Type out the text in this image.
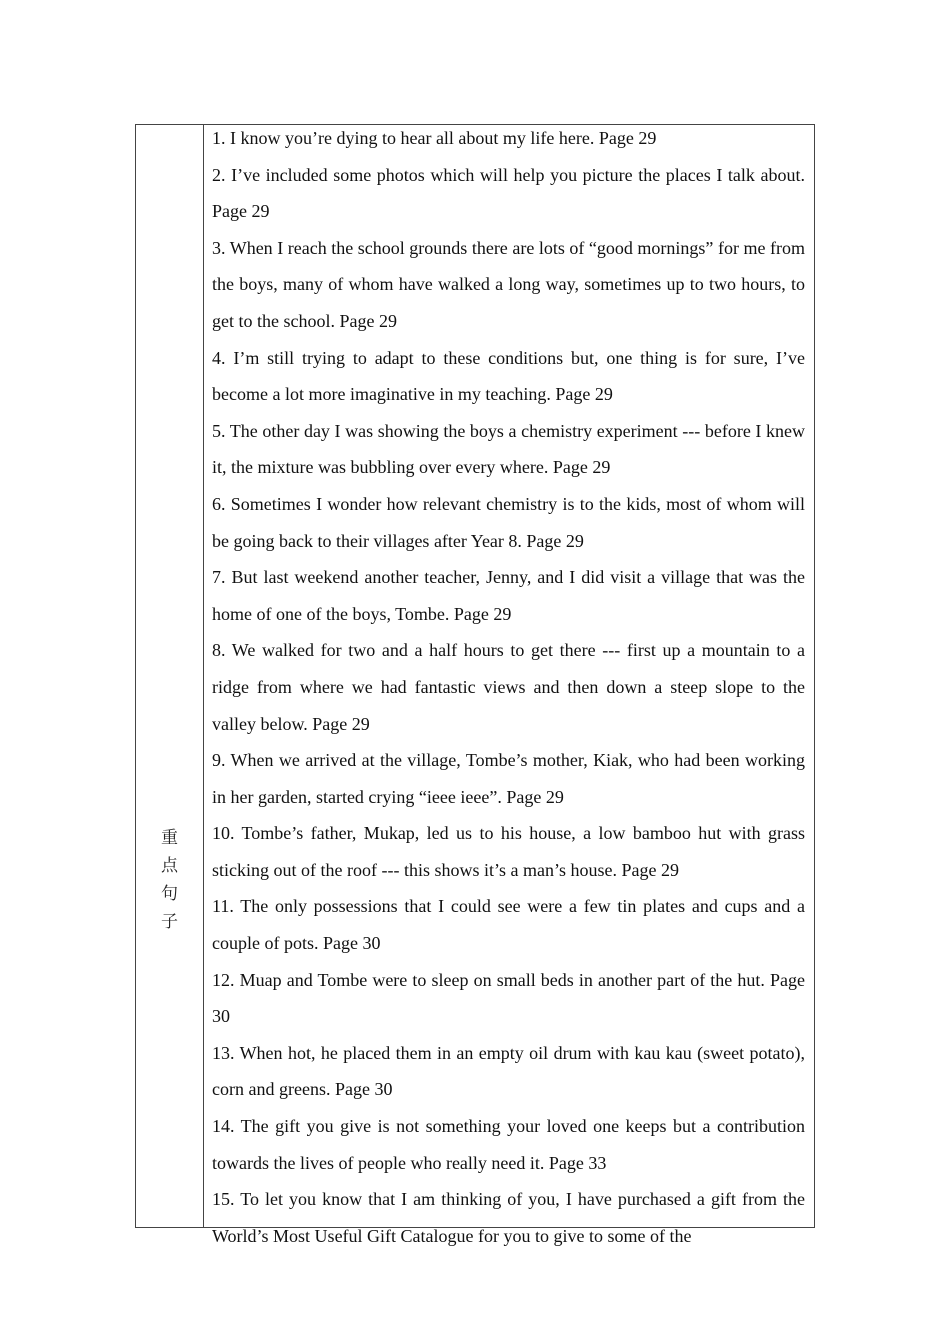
重
点
句
子

1. I know you’re dying to hear all about my life here. Page 29

2. I’ve included some photos which will help you picture the places I talk about. Page 29

3. When I reach the school grounds there are lots of “good mornings” for me from the boys, many of whom have walked a long way, sometimes up to two hours, to get to the school. Page 29

4. I’m still trying to adapt to these conditions but, one thing is for sure, I’ve become a lot more imaginative in my teaching. Page 29

5. The other day I was showing the boys a chemistry experiment --- before I knew it, the mixture was bubbling over every where. Page 29

6. Sometimes I wonder how relevant chemistry is to the kids, most of whom will be going back to their villages after Year 8. Page 29

7. But last weekend another teacher, Jenny, and I did visit a village that was the home of one of the boys, Tombe. Page 29

8. We walked for two and a half hours to get there --- first up a mountain to a ridge from where we had fantastic views and then down a steep slope to the valley below. Page 29

9. When we arrived at the village, Tombe’s mother, Kiak, who had been working in her garden, started crying “ieee ieee”. Page 29

10. Tombe’s father, Mukap, led us to his house, a low bamboo hut with grass sticking out of the roof --- this shows it’s a man’s house. Page 29

11. The only possessions that I could see were a few tin plates and cups and a couple of pots. Page 30

12. Muap and Tombe were to sleep on small beds in another part of the hut. Page 30

13. When hot, he placed them in an empty oil drum with kau kau (sweet potato), corn and greens. Page 30

14. The gift you give is not something your loved one keeps but a contribution towards the lives of people who really need it. Page 33

15. To let you know that I am thinking of you, I have purchased a gift from the World’s Most Useful Gift Catalogue for you to give to some of the
